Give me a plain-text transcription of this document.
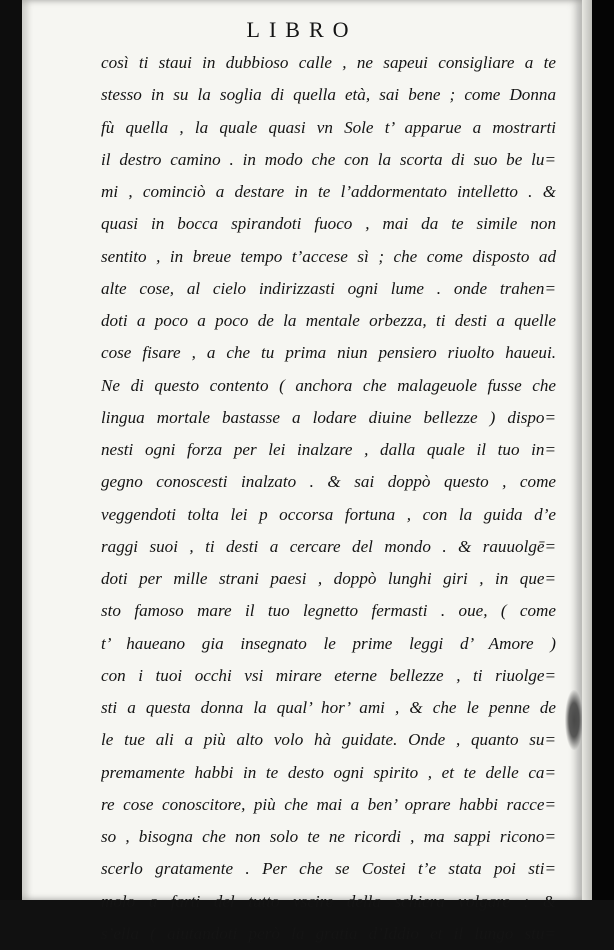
LIBRO
così ti staui in dubbioso calle , ne sapeui consigliare a te
stesso in su la soglia di quella età, sai bene ; come Donna
fù quella , la quale quasi vn Sole t’ apparue a mostrarti
il destro camino . in modo che con la scorta di suo be lu=
mi , cominciò a destare in te l’addormentato intelletto . &
quasi in bocca spirandoti fuoco , mai da te simile non
sentito , in breue tempo t’accese sì ; che come disposto ad
alte cose, al cielo indirizzasti ogni lume . onde trahen=
doti a poco a poco de la mentale orbezza, ti desti a quelle
cose fisare , a che tu prima niun pensiero riuolto haueui.
Ne di questo contento ( anchora che malageuole fusse che
lingua mortale bastasse a lodare diuine bellezze ) dispo=
nesti ogni forza per lei inalzare , dalla quale il tuo in=
gegno conoscesti inalzato . & sai doppò questo , come
veggendoti tolta lei p occorsa fortuna , con la guida d’e
raggi suoi , ti desti a cercare del mondo . & rauuolgē=
doti per mille strani paesi , doppò lunghi giri , in que=
sto famoso mare il tuo legnetto fermasti . oue, ( come
t’ haueano gia insegnato le prime leggi d’ Amore )
con i tuoi occhi vsi mirare eterne bellezze , ti riuolge=
sti a questa donna la qual’ hor’ ami , & che le penne de
le tue ali a più alto volo hà guidate. Onde , quanto su=
premamente habbi in te desto ogni spirito , et te delle ca=
re cose conoscitore, più che mai a ben’ oprare habbi racce=
so , bisogna che non solo te ne ricordi , ma sappi ricono=
scerlo gratamente . Per che se Costei t’e stata poi sti=
molo a farti del tutto vscire della schiera volgare : &
s’ella ( aiutandoti però la gratia d’Iddio et il lungo stu=
